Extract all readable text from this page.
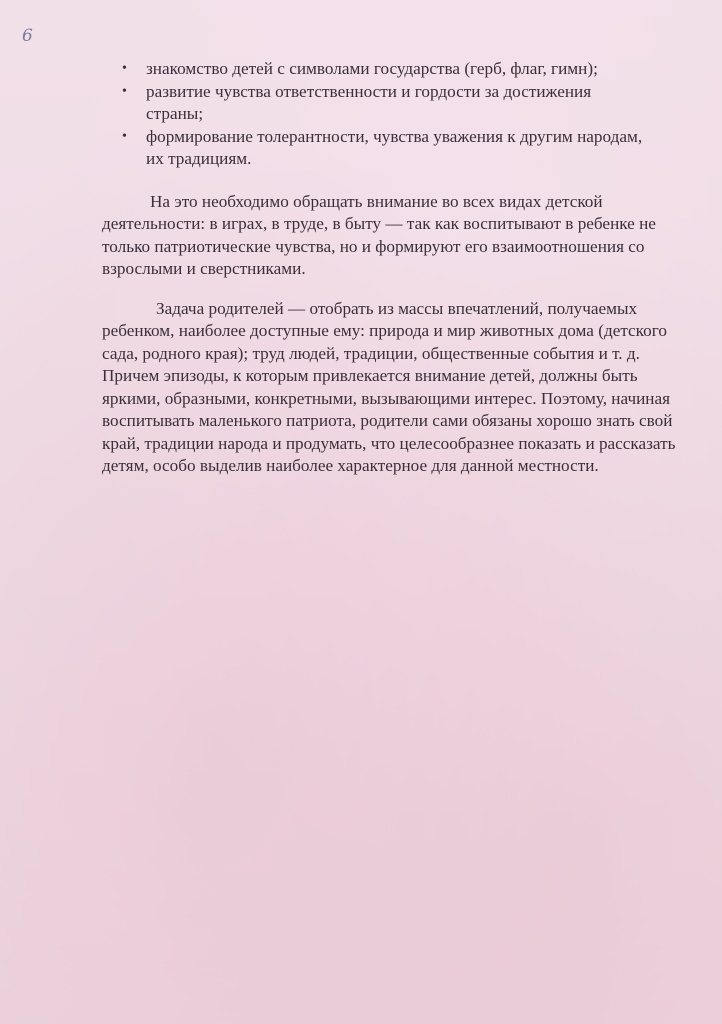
6
• знакомство детей с символами государства (герб, флаг, гимн);
• развитие чувства ответственности и гордости за достижения страны;
• формирование толерантности, чувства уважения к другим народам, их традициям.

На это необходимо обращать внимание во всех видах детской деятельности: в играх, в труде, в быту — так как воспитывают в ребенке не только патриотические чувства, но и формируют его взаимоотношения со взрослыми и сверстниками.

Задача родителей — отобрать из массы впечатлений, получаемых ребенком, наиболее доступные ему: природа и мир животных дома (детского сада, родного края); труд людей, традиции, общественные события и т. д. Причем эпизоды, к которым привлекается внимание детей, должны быть яркими, образными, конкретными, вызывающими интерес. Поэтому, начиная воспитывать маленького патриота, родители сами обязаны хорошо знать свой край, традиции народа и продумать, что целесообразнее показать и рассказать детям, особо выделив наиболее характерное для данной местности.
